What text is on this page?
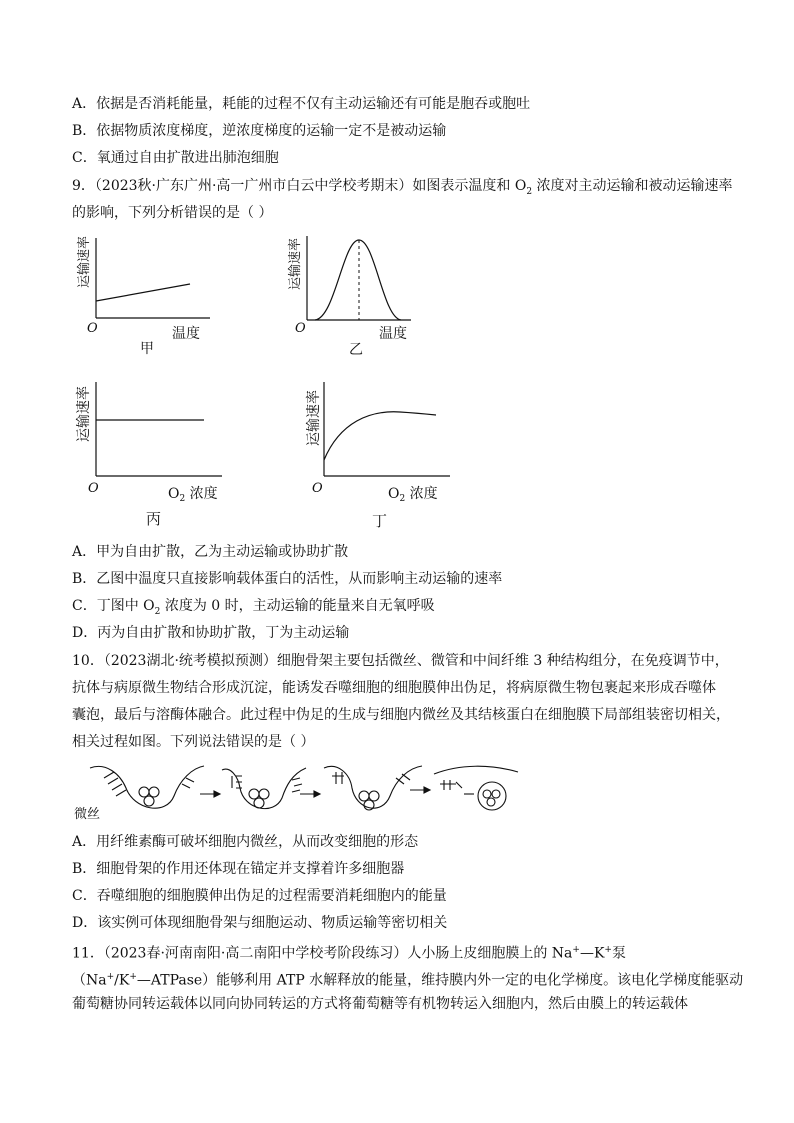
A．依据是否消耗能量，耗能的过程不仅有主动运输还有可能是胞吞或胞吐
B．依据物质浓度梯度，逆浓度梯度的运输一定不是被动运输
C．氧通过自由扩散进出肺泡细胞
9．（2023秋·广东广州·高一广州市白云中学校考期末）如图表示温度和 $O_2$ 浓度对主动运输和被动运输速率
的影响，下列分析错误的是（ ）
运输速率
O	温度
甲
运输速率
O	温度
乙
运输速率
O	$O_2$ 浓度
丙
运输速率
O	$O_2$ 浓度
丁
A．甲为自由扩散，乙为主动运输或协助扩散
B．乙图中温度只直接影响载体蛋白的活性，从而影响主动运输的速率
C．丁图中 $O_2$ 浓度为 0 时，主动运输的能量来自无氧呼吸
D．丙为自由扩散和协助扩散，丁为主动运输
10．（2023湖北·统考模拟预测）细胞骨架主要包括微丝、微管和中间纤维 3 种结构组分，在免疫调节中，
抗体与病原微生物结合形成沉淀，能诱发吞噬细胞的细胞膜伸出伪足，将病原微生物包裹起来形成吞噬体
囊泡，最后与溶酶体融合。此过程中伪足的生成与细胞内微丝及其结核蛋白在细胞膜下局部组装密切相关，
相关过程如图。下列说法错误的是（ ）
微丝
A．用纤维素酶可破坏细胞内微丝，从而改变细胞的形态
B．细胞骨架的作用还体现在锚定并支撑着许多细胞器
C．吞噬细胞的细胞膜伸出伪足的过程需要消耗细胞内的能量
D．该实例可体现细胞骨架与细胞运动、物质运输等密切相关
11．（2023春·河南南阳·高二南阳中学校考阶段练习）人小肠上皮细胞膜上的 Na+—K+泵
（Na+/K+—ATPase）能够利用 ATP 水解释放的能量，维持膜内外一定的电化学梯度。该电化学梯度能驱动
葡萄糖协同转运载体以同向协同转运的方式将葡萄糖等有机物转运入细胞内，然后由膜上的转运载体
